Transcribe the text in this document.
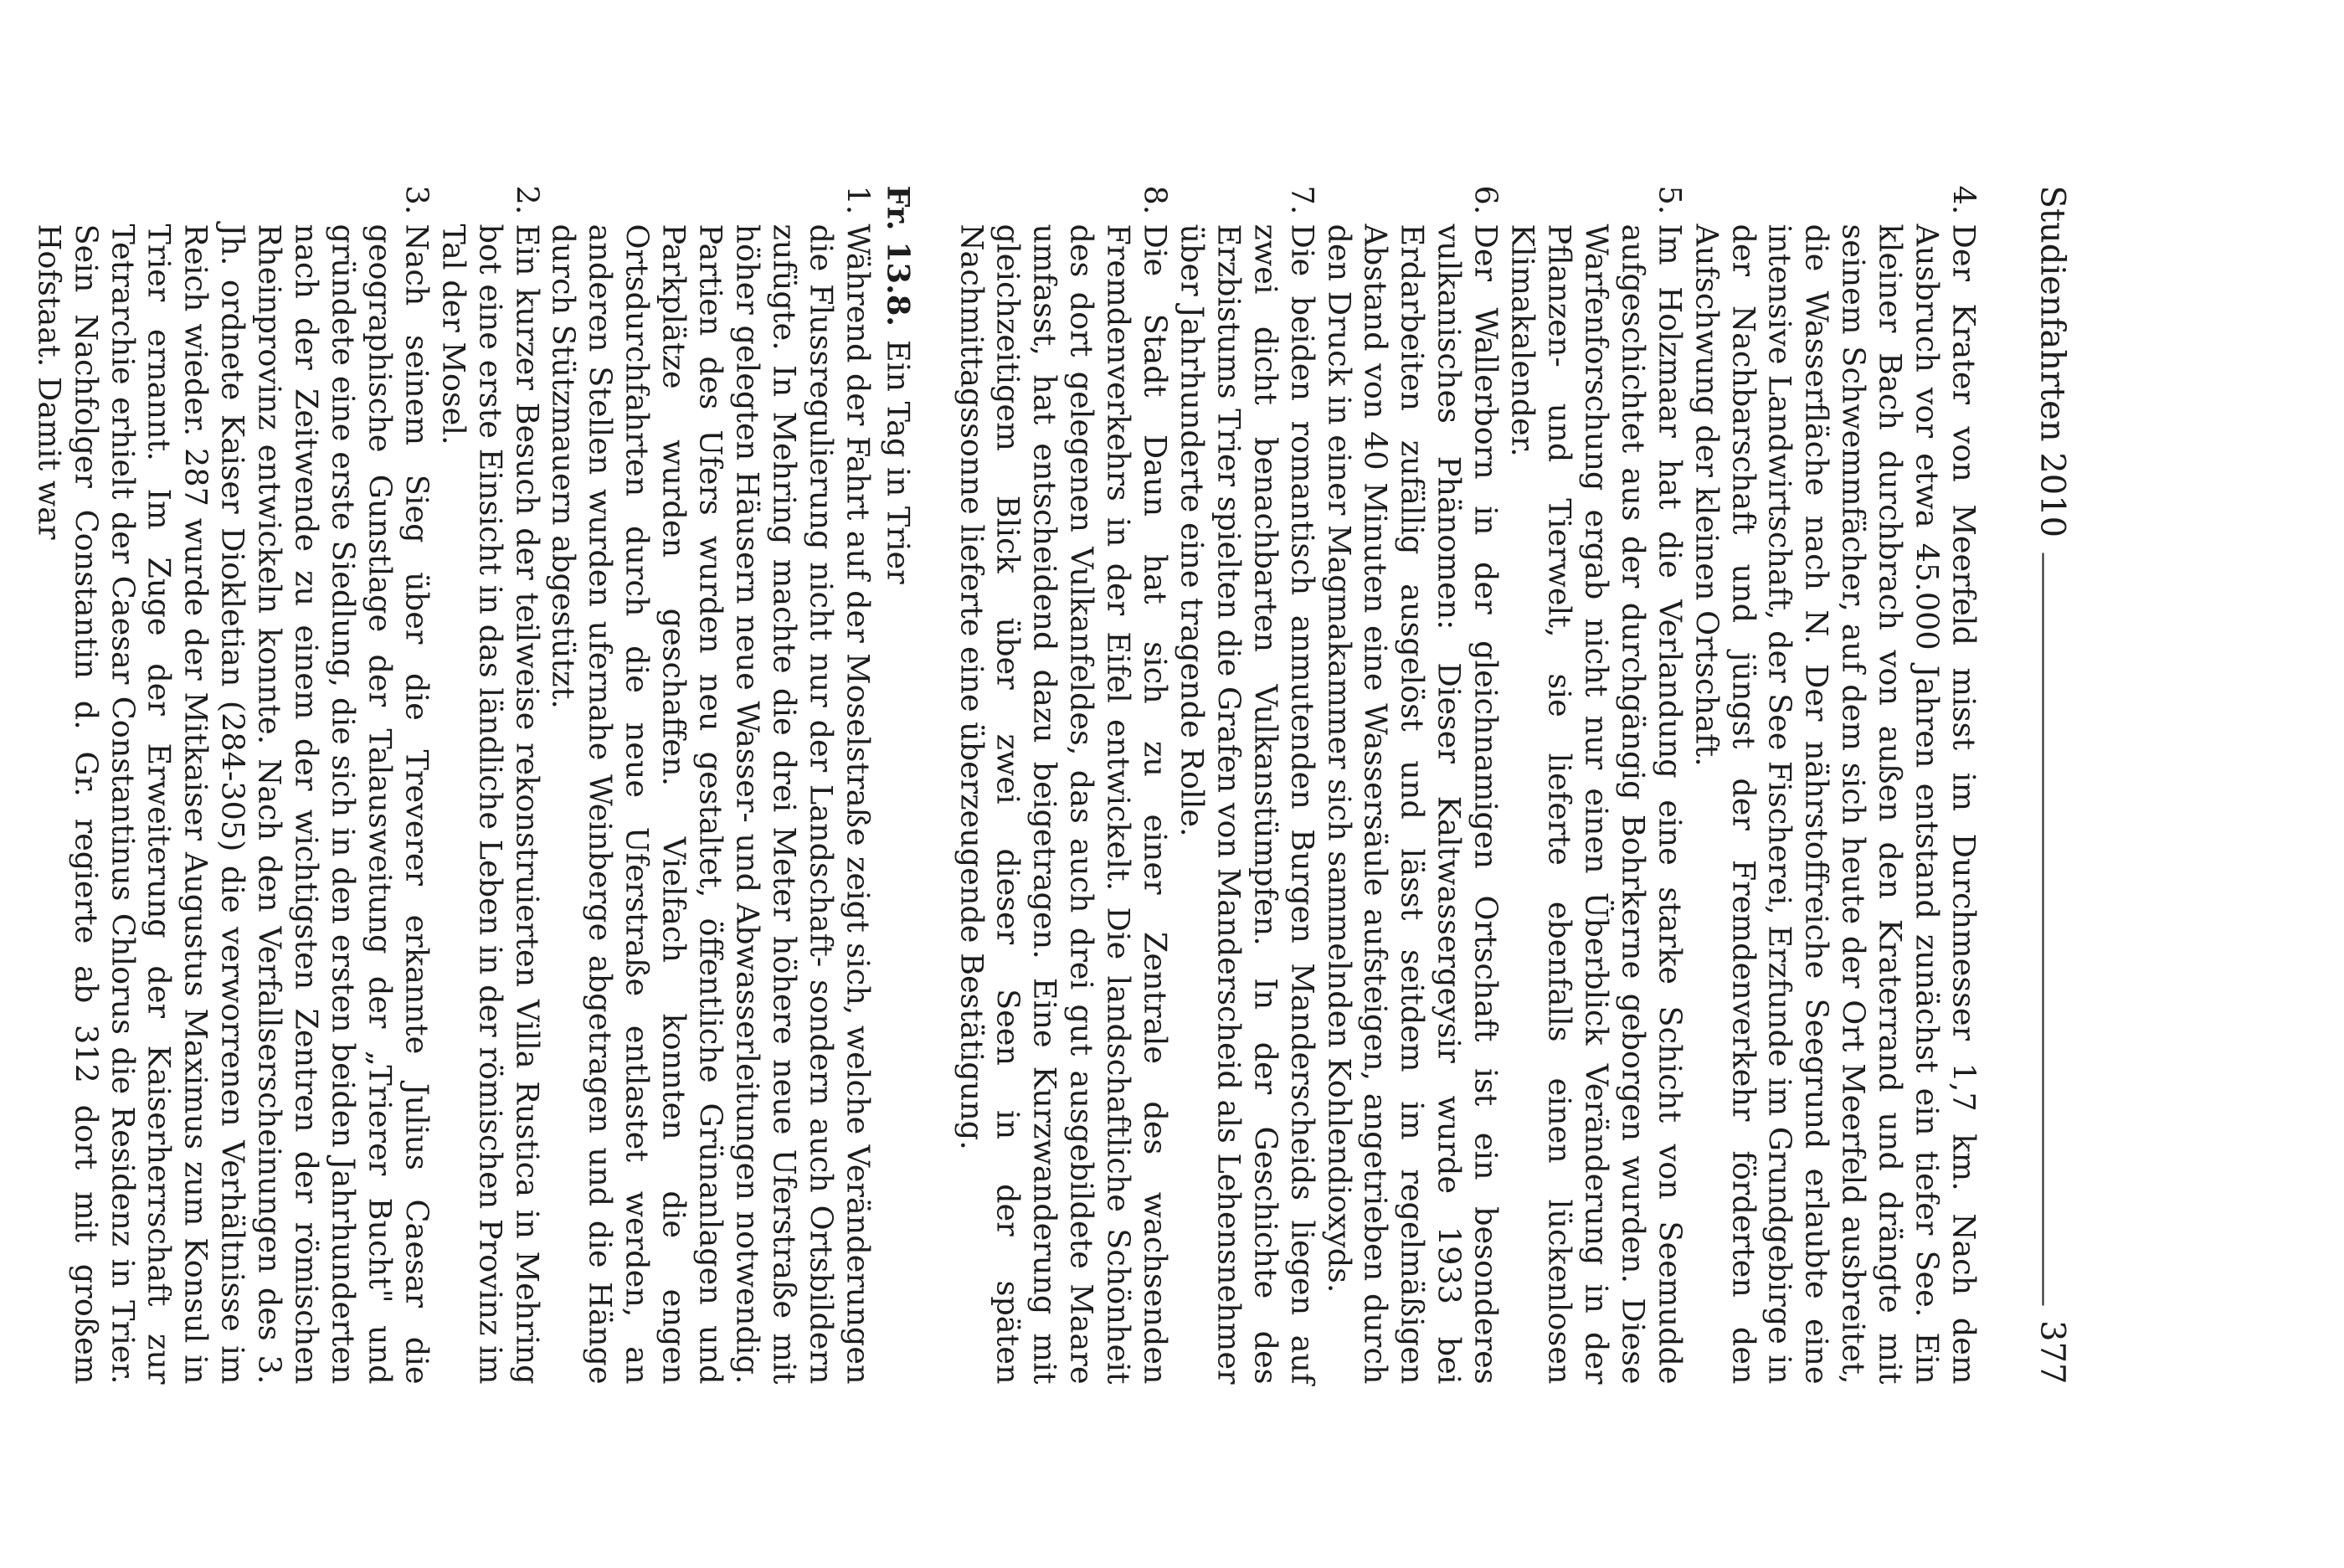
Studienfahrten 2010
377
4.
Der Krater von Meerfeld misst im Durchmesser 1,7 km. Nach dem Ausbruch vor etwa 45.000 Jahren entstand zunächst ein tiefer See. Ein kleiner Bach durchbrach von außen den Kraterrand und drängte mit seinem Schwemmfächer, auf dem sich heute der Ort Meerfeld ausbreitet, die Wasserfläche nach N. Der nährstoffreiche Seegrund erlaubte eine intensive Landwirtschaft, der See Fischerei, Erzfunde im Grundgebirge in der Nachbarschaft und jüngst der Fremdenverkehr förderten den Aufschwung der kleinen Ortschaft.
5.
Im Holzmaar hat die Verlandung eine starke Schicht von Seemudde aufgeschichtet aus der durchgängig Bohrkerne geborgen wurden. Diese Warfenforschung ergab nicht nur einen Überblick Veränderung in der Pflanzen- und Tierwelt, sie lieferte ebenfalls einen lückenlosen Klimakalender.
6.
Der Wallerborn in der gleichnamigen Ortschaft ist ein besonderes vulkanisches Phänomen: Dieser Kaltwassergeysir wurde 1933 bei Erdarbeiten zufällig ausgelöst und lässt seitdem im regelmäßigen Abstand von 40 Minuten eine Wassersäule aufsteigen, angetrieben durch den Druck in einer Magmakammer sich sammelnden Kohlendioxyds.
7.
Die beiden romantisch anmutenden Burgen Manderscheids liegen auf zwei dicht benachbarten Vulkanstümpfen. In der Geschichte des Erzbistums Trier spielten die Grafen von Manderscheid als Lehensnehmer über Jahrhunderte eine tragende Rolle.
8.
Die Stadt Daun hat sich zu einer Zentrale des wachsenden Fremdenverkehrs in der Eifel entwickelt. Die landschaftliche Schönheit des dort gelegenen Vulkanfeldes, das auch drei gut ausgebildete Maare umfasst, hat entscheidend dazu beigetragen. Eine Kurzwanderung mit gleichzeitigem Blick über zwei dieser Seen in der späten Nachmittagssonne lieferte eine überzeugende Bestätigung.
Fr. 13.8.Ein Tag in Trier
1.
Während der Fahrt auf der Moselstraße zeigt sich, welche Veränderungen die Flussregulierung nicht nur der Landschaft- sondern auch Ortsbildern zufügte. In Mehring machte die drei Meter höhere neue Uferstraße mit höher gelegten Häusern neue Wasser- und Abwasserleitungen notwendig. Partien des Ufers wurden neu gestaltet, öffentliche Grünanlagen und Parkplätze wurden geschaffen. Vielfach konnten die engen Ortsdurchfahrten durch die neue Uferstraße entlastet werden, an anderen Stellen wurden ufernahe Weinberge abgetragen und die Hänge durch Stützmauern abgestützt.
2.
Ein kurzer Besuch der teilweise rekonstruierten Villa Rustica in Mehring bot eine erste Einsicht in das ländliche Leben in der römischen Provinz im Tal der Mosel.
3.
Nach seinem Sieg über die Treverer erkannte Julius Caesar die geographische Gunstlage der Talausweitung der „Trierer Bucht" und gründete eine erste Siedlung, die sich in den ersten beiden Jahrhunderten nach der Zeitwende zu einem der wichtigsten Zentren der römischen Rheinprovinz entwickeln konnte. Nach den Verfallserscheinungen des 3. Jh. ordnete Kaiser Diokletian (284-305) die verworrenen Verhältnisse im Reich wieder. 287 wurde der Mitkaiser Augustus Maximus zum Konsul in Trier ernannt. Im Zuge der Erweiterung der Kaiserherrschaft zur Tetrarchie erhielt der Caesar Constantinus Chlorus die Residenz in Trier. Sein Nachfolger Constantin d. Gr. regierte ab 312 dort mit großem Hofstaat. Damit war
